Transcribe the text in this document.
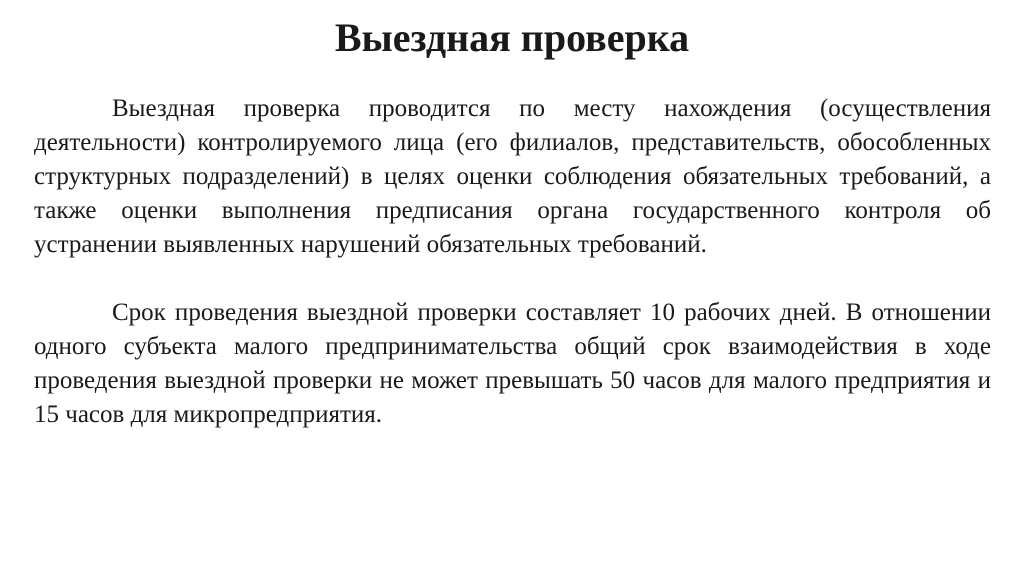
Выездная проверка

Выездная проверка проводится по месту нахождения (осуществления деятельности) контролируемого лица (его филиалов, представительств, обособленных структурных подразделений) в целях оценки соблюдения обязательных требований, а также оценки выполнения предписания органа государственного контроля об устранении выявленных нарушений обязательных требований.

Срок проведения выездной проверки составляет 10 рабочих дней. В отношении одного субъекта малого предпринимательства общий срок взаимодействия в ходе проведения выездной проверки не может превышать 50 часов для малого предприятия и 15 часов для микропредприятия.
